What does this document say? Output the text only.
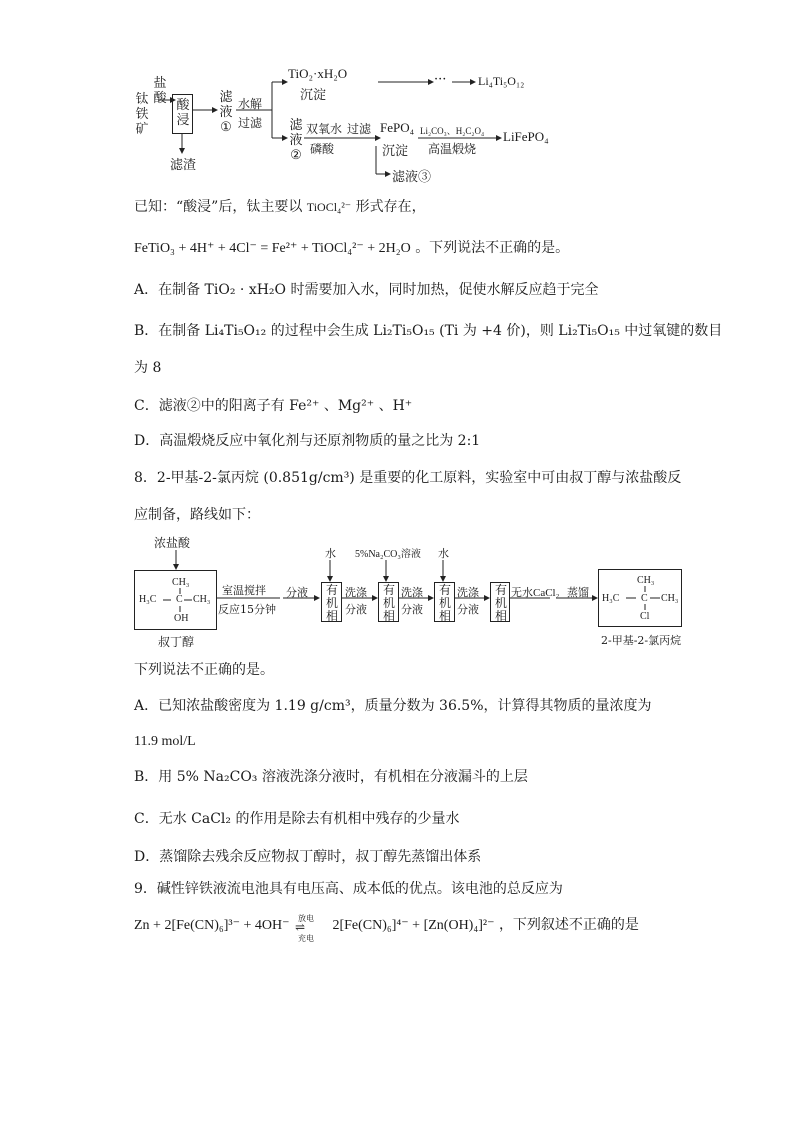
钛
铁
矿
盐
酸 酸
浸
滤渣
滤
液
①
水解
过滤
TiO₂·xH₂O
沉淀
···	Li₄Ti₅O₁₂
滤
液
②
双氧水
磷酸
过滤 FePO₄
沉淀
Li₂CO₃、H₂C₂O₄
高温煅烧
LiFePO₄
滤液③
已知：“酸浸”后，钛主要以 TiOCl₄²⁻ 形式存在，
FeTiO₃ + 4H⁺ + 4Cl⁻ = Fe²⁺ + TiOCl₄²⁻ + 2H₂O 。下列说法不正确的是。
A．在制备 TiO₂ · xH₂O 时需要加入水，同时加热，促使水解反应趋于完全
B．在制备 Li₄Ti₅O₁₂ 的过程中会生成 Li₂Ti₅O₁₅ (Ti 为 +4 价)，则 Li₂Ti₅O₁₅ 中过氧键的数目
为 8
C．滤液②中的阳离子有 Fe²⁺ 、Mg²⁺ 、H⁺
D．高温煅烧反应中氧化剂与还原剂物质的量之比为 2:1
8．2-甲基-2-氯丙烷 (0.851g/cm³) 是重要的化工原料，实验室中可由叔丁醇与浓盐酸反
应制备，路线如下：
浓盐酸
CH₃
H₃C C CH₃
OH
叔丁醇
室温搅拌
反应15分钟
分液
水 5%Na₂CO₃溶液 水
有
机
相
洗涤
分液
有
机
相
洗涤
分液
有
机
相
洗涤
分液
有
机
相
无水CaCl₂ 蒸馏
CH₃
H₃C C CH₃
Cl
2-甲基-2-氯丙烷
下列说法不正确的是。
A．已知浓盐酸密度为 1.19 g/cm³，质量分数为 36.5%，计算得其物质的量浓度为
11.9 mol/L
B．用 5% Na₂CO₃ 溶液洗涤分液时，有机相在分液漏斗的上层
C．无水 CaCl₂ 的作用是除去有机相中残存的少量水
D．蒸馏除去残余反应物叔丁醇时，叔丁醇先蒸馏出体系
9．碱性锌铁液流电池具有电压高、成本低的优点。该电池的总反应为
Zn + 2[Fe(CN)₆]³⁻ + 4OH⁻ 放电
⇌
充电
2[Fe(CN)₆]⁴⁻ + [Zn(OH)₄]²⁻ ，下列叙述不正确的是
